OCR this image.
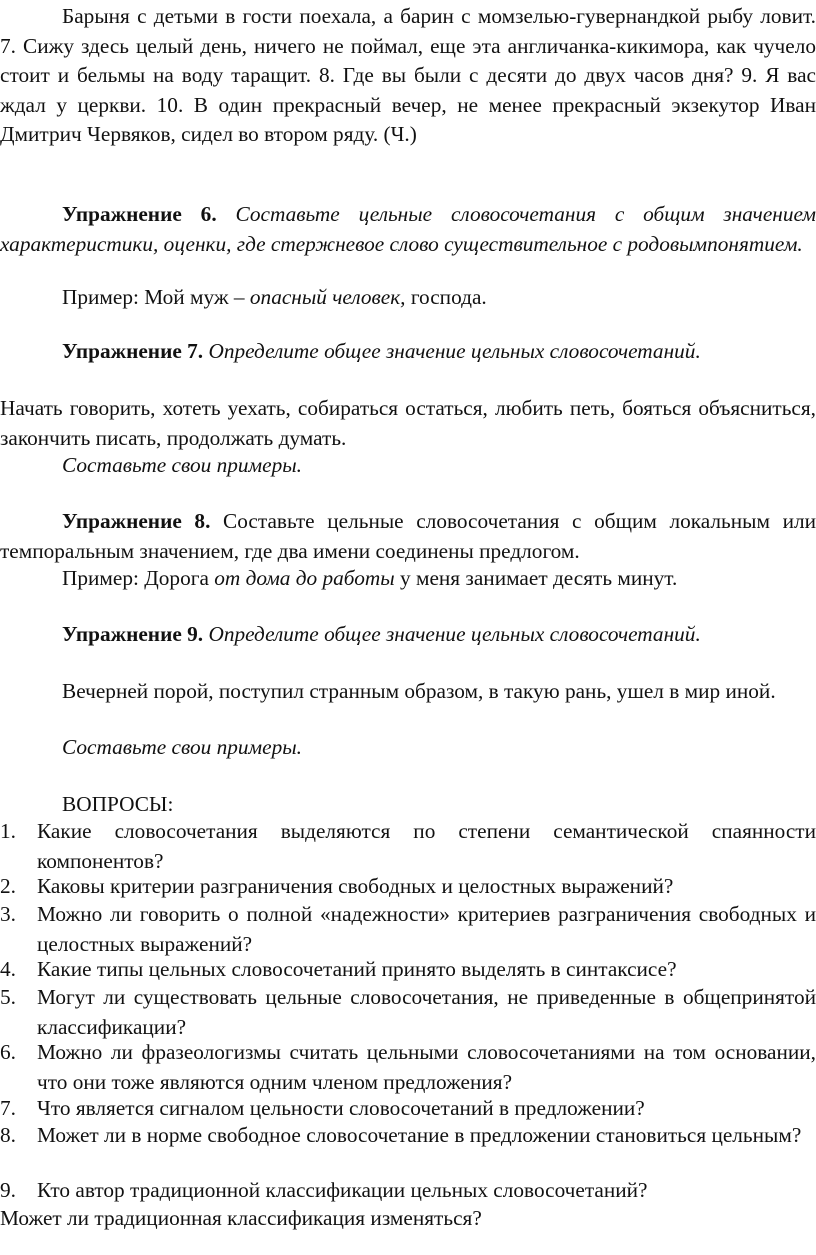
Барыня с детьми в гости поехала, а барин с момзелью-гувернандкой рыбу ловит. 7. Сижу здесь целый день, ничего не поймал, еще эта англичанка-кикимора, как чучело стоит и бельмы на воду таращит. 8. Где вы были с десяти до двух часов дня? 9. Я вас ждал у церкви. 10. В один прекрасный вечер, не менее прекрасный экзекутор Иван Дмитрич Червяков, сидел во втором ряду. (Ч.)
Упражнение 6. Составьте цельные словосочетания с общим значением характеристики, оценки, где стержневое слово существительное с родовымпонятием.
Пример: Мой муж – опасный человек, господа.
Упражнение 7. Определите общее значение цельных словосочетаний.
Начать говорить, хотеть уехать, собираться остаться, любить петь, бояться объясниться, закончить писать, продолжать думать.
Составьте свои примеры.
Упражнение 8. Составьте цельные словосочетания с общим локальным или темпоральным значением, где два имени соединены предлогом.
Пример: Дорога от дома до работы у меня занимает десять минут.
Упражнение 9. Определите общее значение цельных словосочетаний.
Вечерней порой, поступил странным образом, в такую рань, ушел в мир иной.
Составьте свои примеры.
ВОПРОСЫ:
1. Какие словосочетания выделяются по степени семантической спаянности компонентов?
2. Каковы критерии разграничения свободных и целостных выражений?
3. Можно ли говорить о полной «надежности» критериев разграничения свободных и целостных выражений?
4. Какие типы цельных словосочетаний принято выделять в синтаксисе?
5. Могут ли существовать цельные словосочетания, не приведенные в общепринятой классификации?
6. Можно ли фразеологизмы считать цельными словосочетаниями на том основании, что они тоже являются одним членом предложения?
7. Что является сигналом цельности словосочетаний в предложении?
8. Может ли в норме свободное словосочетание в предложении становиться цельным?
9. Кто автор традиционной классификации цельных словосочетаний?
Может ли традиционная классификация изменяться?
